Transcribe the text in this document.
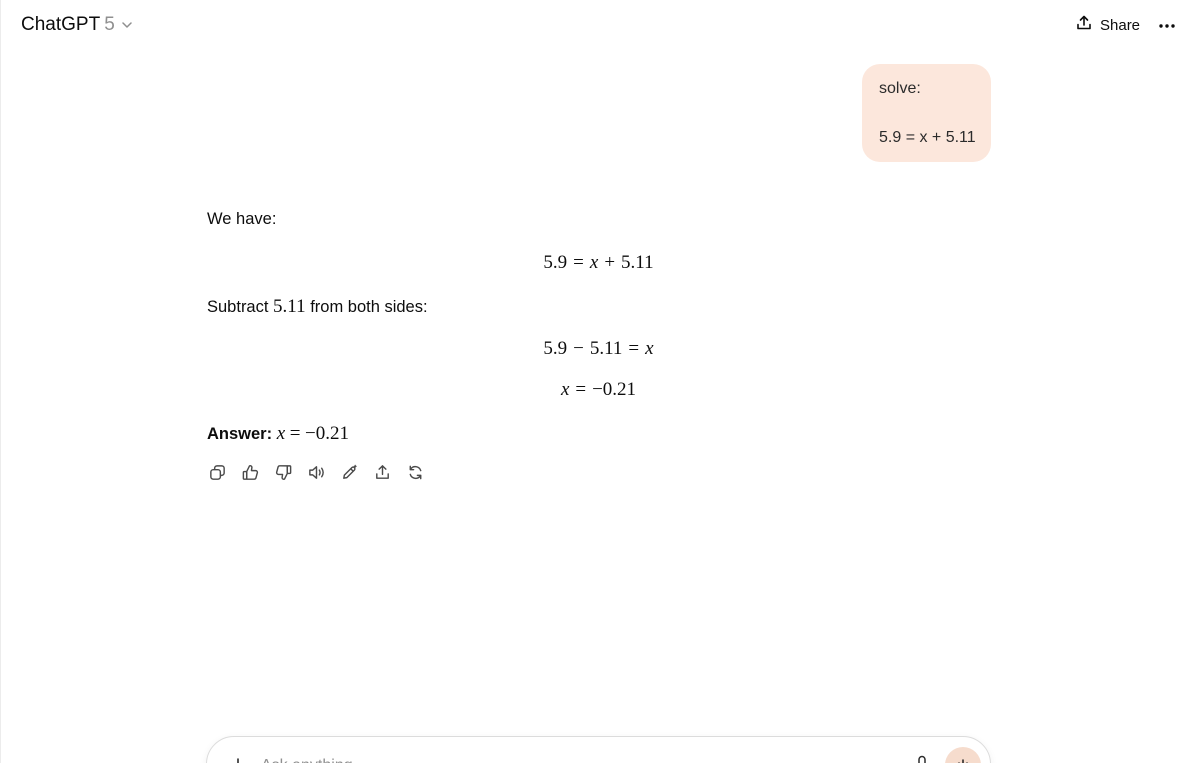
ChatGPT 5	Share
solve:
5.9 = x + 5.11
We have:
5.9 = x + 5.11
Subtract 5.11 from both sides:
5.9 − 5.11 = x
x = −0.21
Answer: x = −0.21
Ask anything
